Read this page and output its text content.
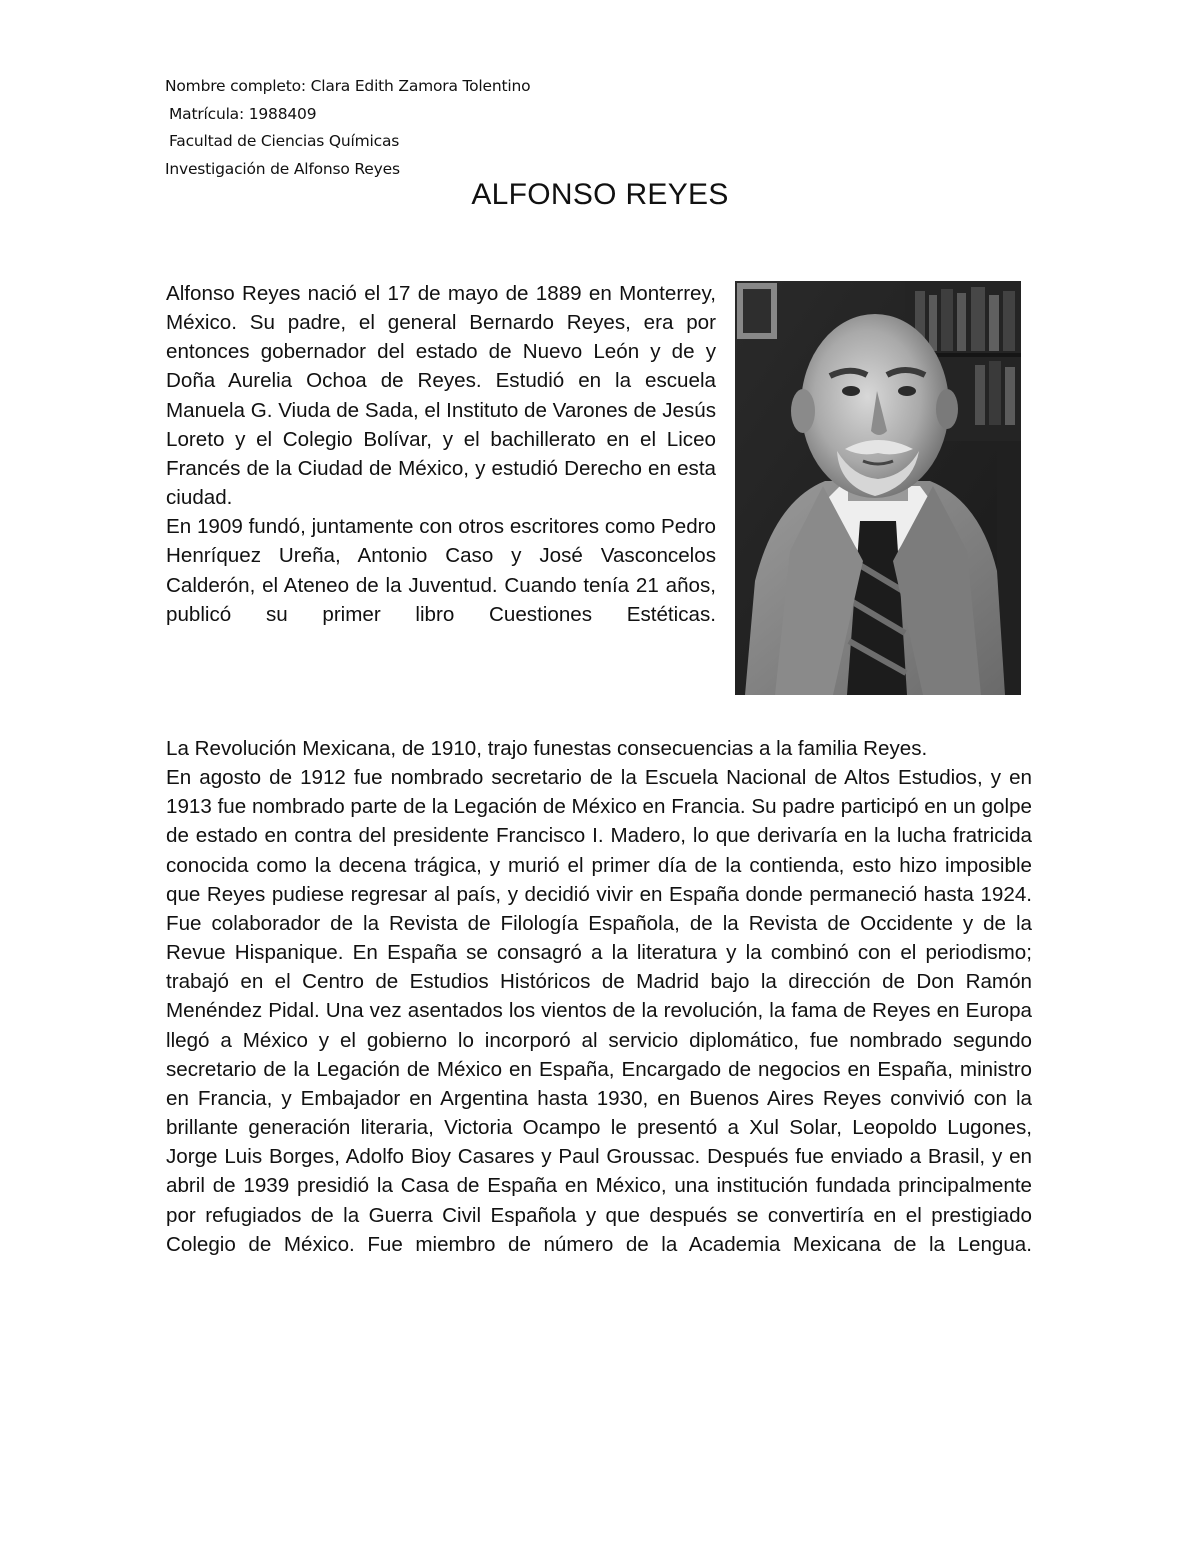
Nombre completo: Clara Edith Zamora Tolentino
Matrícula: 1988409
Facultad de Ciencias Químicas
Investigación de Alfonso Reyes
ALFONSO REYES

Alfonso Reyes nació el 17 de mayo de 1889 en Monterrey, México. Su padre, el general Bernardo Reyes, era por entonces gobernador del estado de Nuevo León y de y Doña Aurelia Ochoa de Reyes. Estudió en la escuela Manuela G. Viuda de Sada, el Instituto de Varones de Jesús Loreto y el Colegio Bolívar, y el bachillerato en el Liceo Francés de la Ciudad de México, y estudió Derecho en esta ciudad.

En 1909 fundó, juntamente con otros escritores como Pedro Henríquez Ureña, Antonio Caso y José Vasconcelos Calderón, el Ateneo de la Juventud. Cuando tenía 21 años, publicó su primer libro Cuestiones Estéticas.

La Revolución Mexicana, de 1910, trajo funestas consecuencias a la familia Reyes.

En agosto de 1912 fue nombrado secretario de la Escuela Nacional de Altos Estudios, y en 1913 fue nombrado parte de la Legación de México en Francia. Su padre participó en un golpe de estado en contra del presidente Francisco I. Madero, lo que derivaría en la lucha fratricida conocida como la decena trágica, y murió el primer día de la contienda, esto hizo imposible que Reyes pudiese regresar al país, y decidió vivir en España donde permaneció hasta 1924. Fue colaborador de la Revista de Filología Española, de la Revista de Occidente y de la Revue Hispanique. En España se consagró a la literatura y la combinó con el periodismo; trabajó en el Centro de Estudios Históricos de Madrid bajo la dirección de Don Ramón Menéndez Pidal. Una vez asentados los vientos de la revolución, la fama de Reyes en Europa llegó a México y el gobierno lo incorporó al servicio diplomático, fue nombrado segundo secretario de la Legación de México en España, Encargado de negocios en España, ministro en Francia, y Embajador en Argentina hasta 1930, en Buenos Aires Reyes convivió con la brillante generación literaria, Victoria Ocampo le presentó a Xul Solar, Leopoldo Lugones, Jorge Luis Borges, Adolfo Bioy Casares y Paul Groussac. Después fue enviado a Brasil, y en abril de 1939 presidió la Casa de España en México, una institución fundada principalmente por refugiados de la Guerra Civil Española y que después se convertiría en el prestigiado Colegio de México. Fue miembro de número de la Academia Mexicana de la Lengua.
